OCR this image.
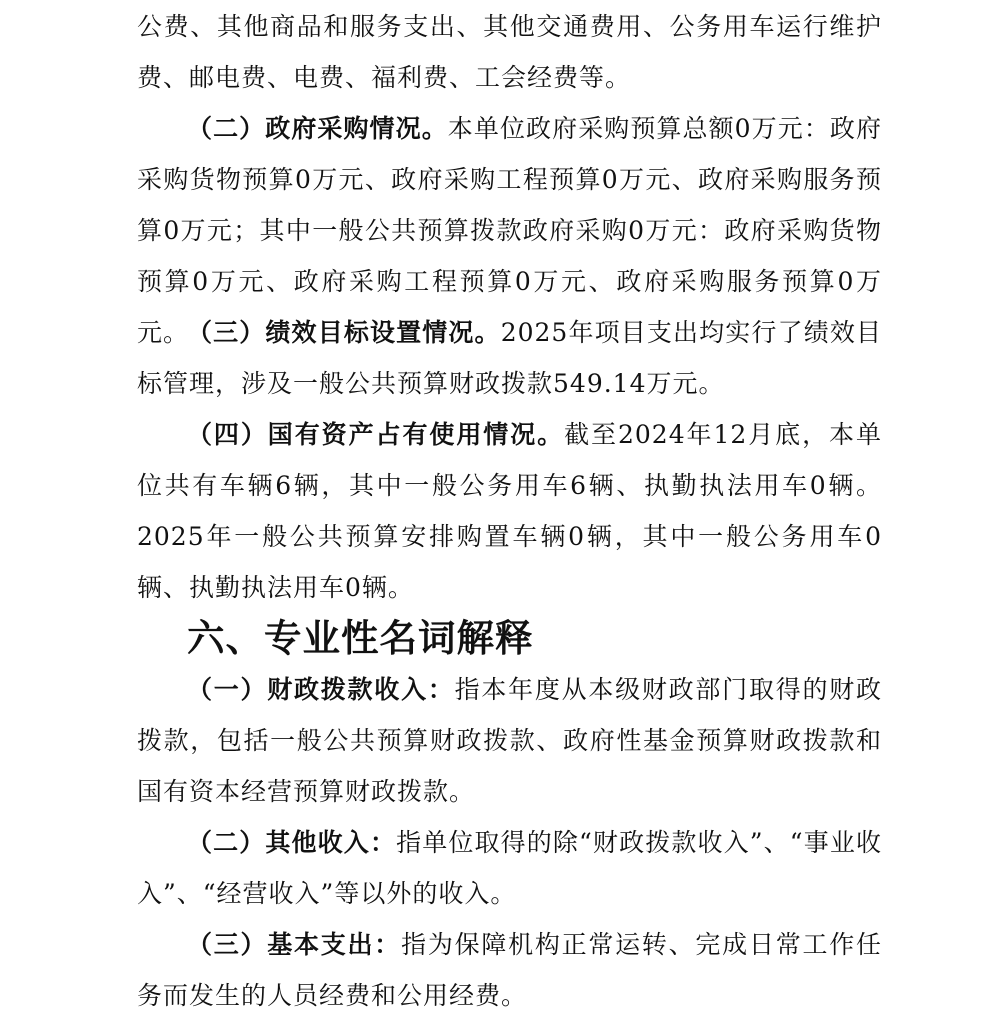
公费、其他商品和服务支出、其他交通费用、公务用车运行维护费、邮电费、电费、福利费、工会经费等。

（二）政府采购情况。本单位政府采购预算总额0万元：政府采购货物预算0万元、政府采购工程预算0万元、政府采购服务预算0万元；其中一般公共预算拨款政府采购0万元：政府采购货物预算0万元、政府采购工程预算0万元、政府采购服务预算0万元。

（三）绩效目标设置情况。2025年项目支出均实行了绩效目标管理，涉及一般公共预算财政拨款549.14万元。

（四）国有资产占有使用情况。截至2024年12月底，本单位共有车辆6辆，其中一般公务用车6辆、执勤执法用车0辆。2025年一般公共预算安排购置车辆0辆，其中一般公务用车0辆、执勤执法用车0辆。

六、专业性名词解释

（一）财政拨款收入：指本年度从本级财政部门取得的财政拨款，包括一般公共预算财政拨款、政府性基金预算财政拨款和国有资本经营预算财政拨款。

（二）其他收入：指单位取得的除“财政拨款收入”、“事业收入”、“经营收入”等以外的收入。

（三）基本支出：指为保障机构正常运转、完成日常工作任务而发生的人员经费和公用经费。
